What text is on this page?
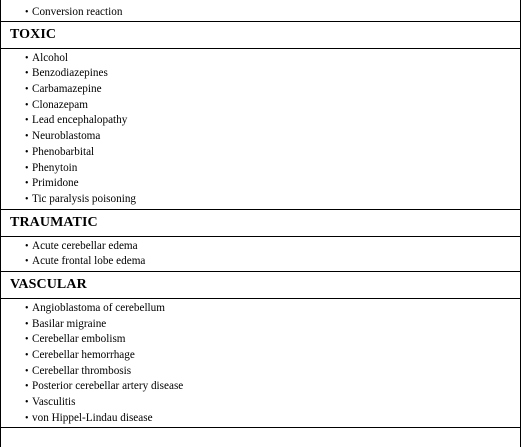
• Conversion reaction
TOXIC
• Alcohol
• Benzodiazepines
• Carbamazepine
• Clonazepam
• Lead encephalopathy
• Neuroblastoma
• Phenobarbital
• Phenytoin
• Primidone
• Tic paralysis poisoning
TRAUMATIC
• Acute cerebellar edema
• Acute frontal lobe edema
VASCULAR
• Angioblastoma of cerebellum
• Basilar migraine
• Cerebellar embolism
• Cerebellar hemorrhage
• Cerebellar thrombosis
• Posterior cerebellar artery disease
• Vasculitis
• von Hippel-Lindau disease
